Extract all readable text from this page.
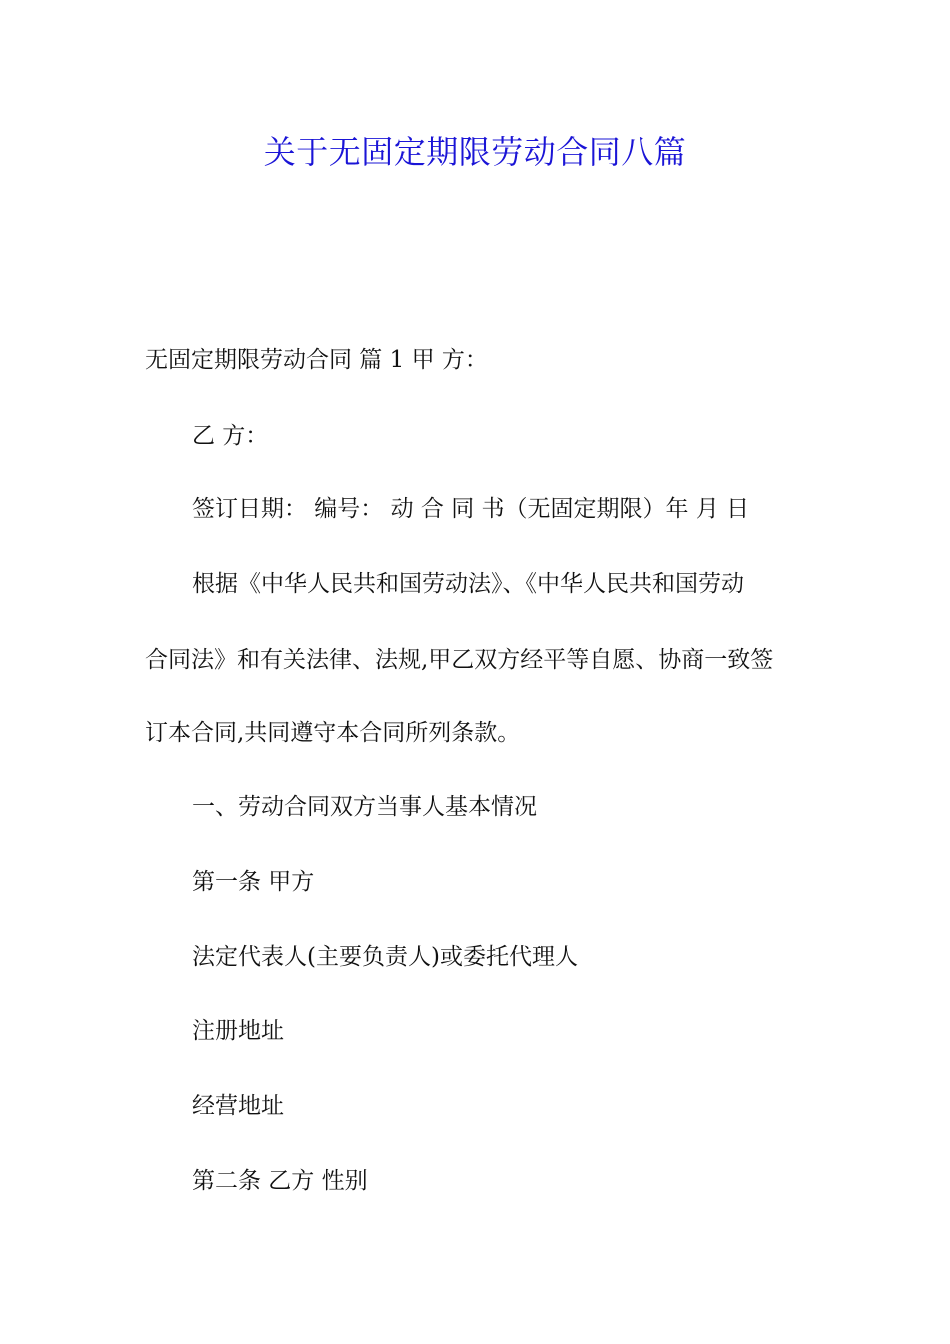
关于无固定期限劳动合同八篇
无固定期限劳动合同 篇 1 甲 方：
乙 方：
签订日期： 编号： 动 合 同 书（无固定期限）年 月 日
根据《中华人民共和国劳动法》、《中华人民共和国劳动
合同法》和有关法律、法规,甲乙双方经平等自愿、协商一致签
订本合同,共同遵守本合同所列条款。
一、劳动合同双方当事人基本情况
第一条 甲方
法定代表人(主要负责人)或委托代理人
注册地址
经营地址
第二条 乙方 性别
